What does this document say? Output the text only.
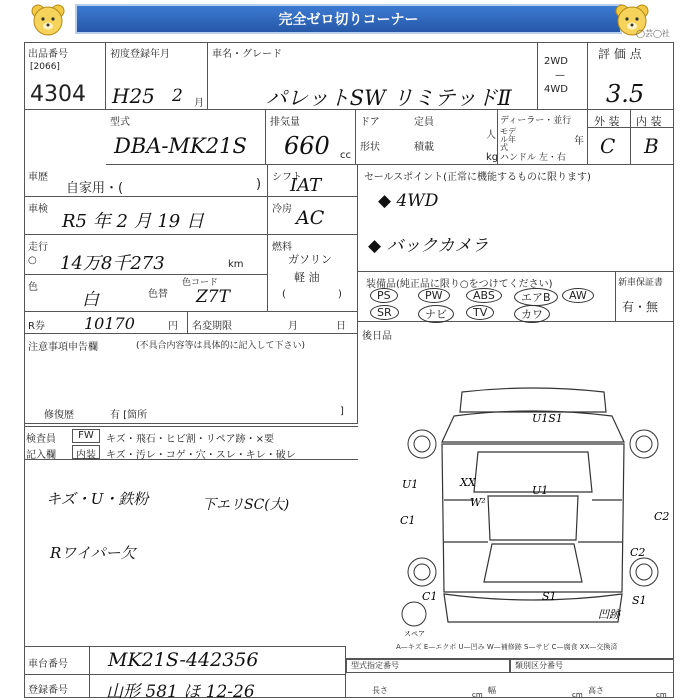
完全ゼロ切りコーナー
◯芸◯社
出品番号
[2066]
4304
初度登録年月
H25 2 月
車名・グレード
パレットSW リミテッドⅡ
2WD
—
4WD
評 価 点
3.5
型式
DBA-MK21S
排気量
660 cc
ドア	定員
人
形状	積載
kg
ディーラー・並行
モデル年式
年
ハンドル 左・右
外 装 内 装
C B
車歴
自家用・(	)
車検
R5 年 2 月 19 日
走行
○ 14万8千273	km
色
白	色替
色コード
Z7T
R券 10170	円 名変期限	月	日
注意事項申告欄	(不具合内容等は具体的に記入して下さい)
修復歴	有 [箇所	]
シフト
IAT
冷房 AC
燃料
ガソリン
軽 油
(	)
セールスポイント(正常に機能するものに限ります)
◆ 4WD
◆ バックカメラ
装備品(純正品に限り○をつけてください)
PS	PW	ABS	エアB	AW
SR	ナビ	TV	カワ
新車保証書
有・無
後日品
検査員
記入欄
FW	キズ・飛石・ヒビ割・リペア跡・×要
内装	キズ・汚レ・コゲ・穴・スレ・キレ・破レ
キズ・U・鉄粉	下エリSC(大)
Rワイパー欠
U1S1
XX
W²
U1	U1
C1	C2
C2
C1	S1	S1
凹跡
スペア
A—キズ E—エクボ U—凹み W—補修跡 S—サビ C—腐食 XX—交換済
車台番号	MK21S-442356
登録番号	山形 581 ほ 12-26
型式指定番号	類別区分番号
長さ	cm 幅	cm 高さ	cm
